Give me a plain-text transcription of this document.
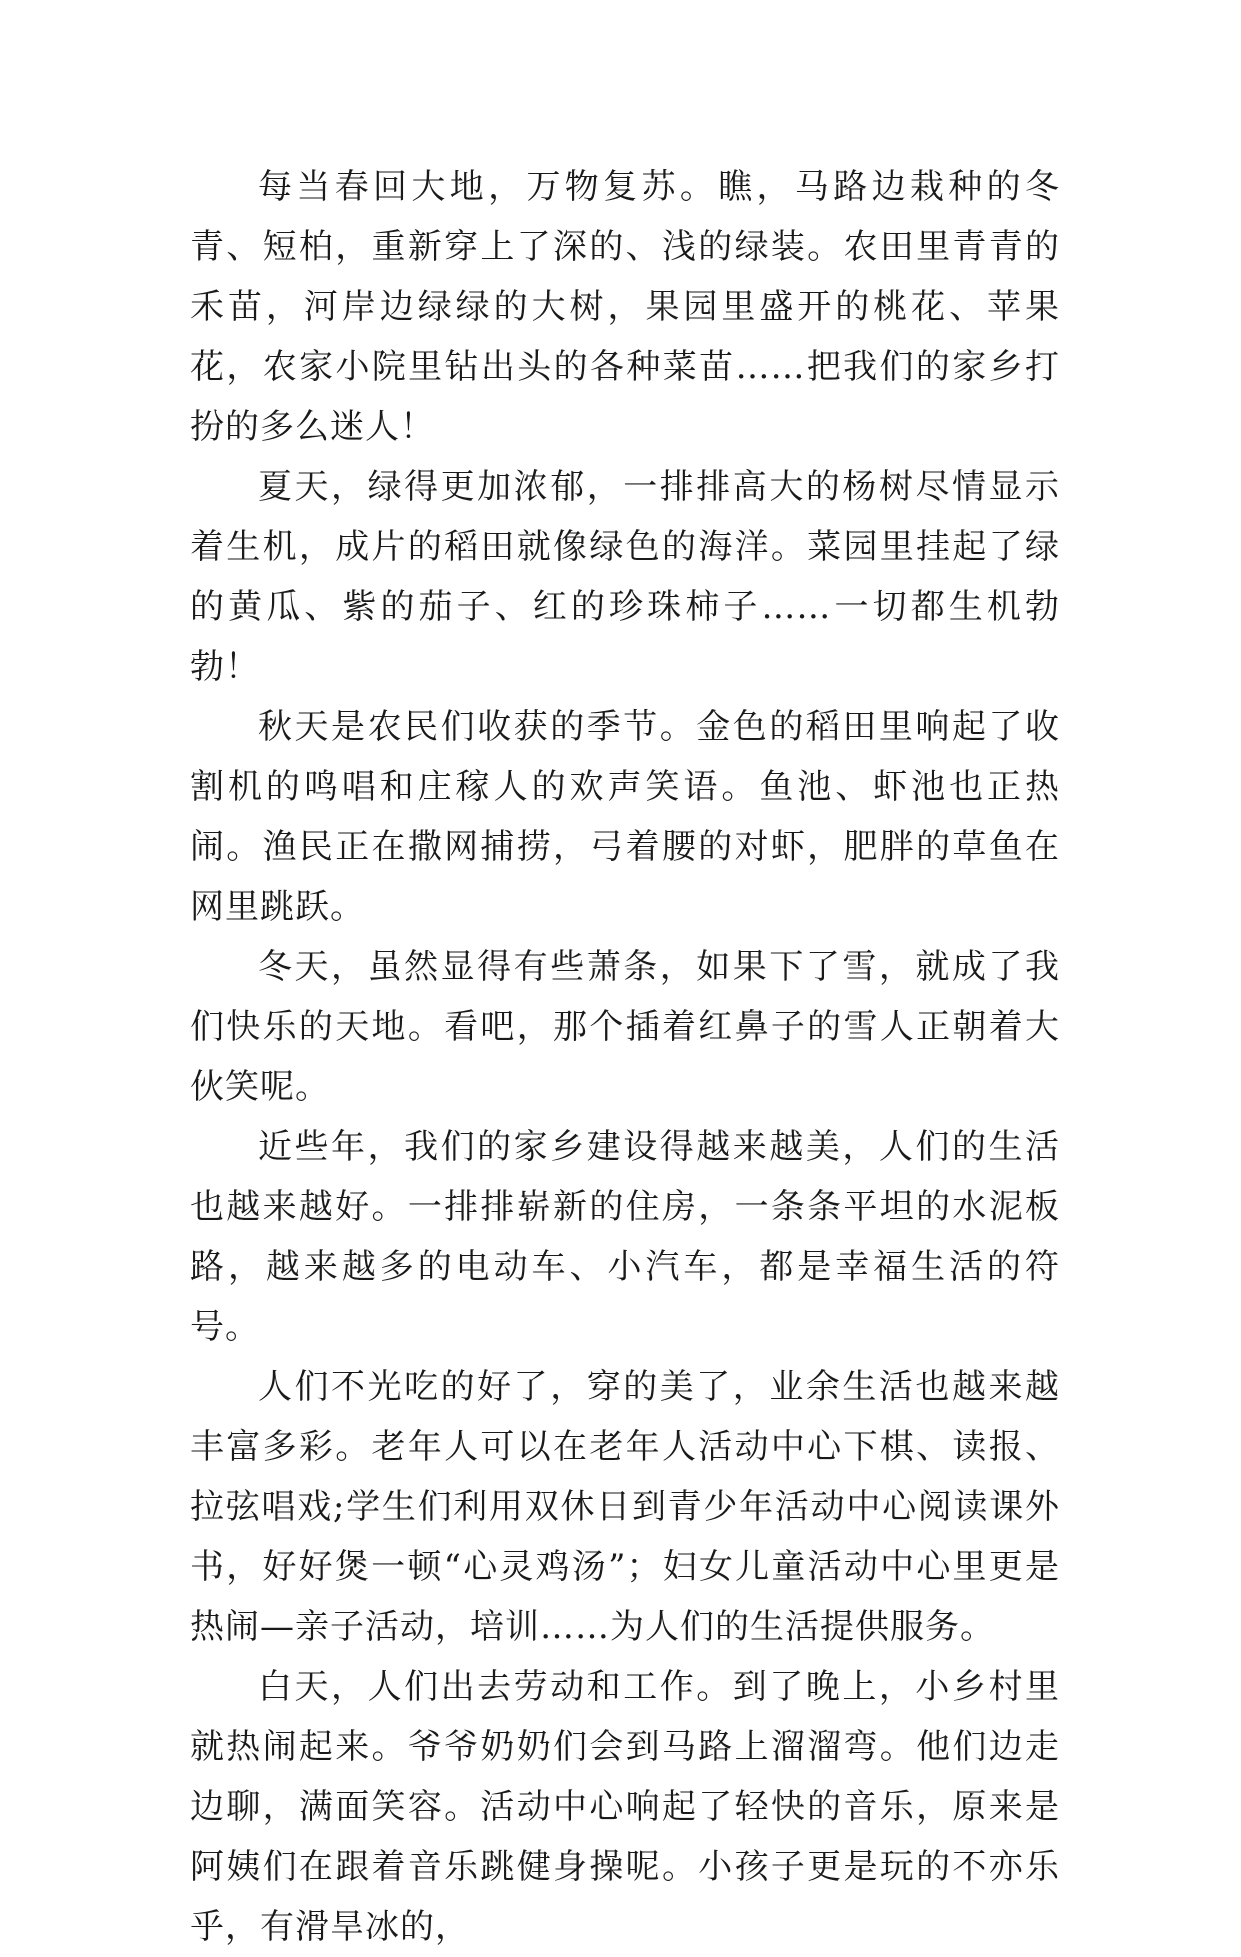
每当春回大地，万物复苏。瞧，马路边栽种的冬青、短柏，重新穿上了深的、浅的绿装。农田里青青的禾苗，河岸边绿绿的大树，果园里盛开的桃花、苹果花，农家小院里钻出头的各种菜苗……把我们的家乡打扮的多么迷人！

夏天，绿得更加浓郁，一排排高大的杨树尽情显示着生机，成片的稻田就像绿色的海洋。菜园里挂起了绿的黄瓜、紫的茄子、红的珍珠柿子……一切都生机勃勃！

秋天是农民们收获的季节。金色的稻田里响起了收割机的鸣唱和庄稼人的欢声笑语。鱼池、虾池也正热闹。渔民正在撒网捕捞，弓着腰的对虾，肥胖的草鱼在网里跳跃。

冬天，虽然显得有些萧条，如果下了雪，就成了我们快乐的天地。看吧，那个插着红鼻子的雪人正朝着大伙笑呢。

近些年，我们的家乡建设得越来越美，人们的生活也越来越好。一排排崭新的住房，一条条平坦的水泥板路，越来越多的电动车、小汽车，都是幸福生活的符号。

人们不光吃的好了，穿的美了，业余生活也越来越丰富多彩。老年人可以在老年人活动中心下棋、读报、拉弦唱戏;学生们利用双休日到青少年活动中心阅读课外书，好好煲一顿“心灵鸡汤”；妇女儿童活动中心里更是热闹—亲子活动，培训……为人们的生活提供服务。

白天，人们出去劳动和工作。到了晚上，小乡村里就热闹起来。爷爷奶奶们会到马路上溜溜弯。他们边走边聊，满面笑容。活动中心响起了轻快的音乐，原来是阿姨们在跟着音乐跳健身操呢。小孩子更是玩的不亦乐乎，有滑旱冰的，
